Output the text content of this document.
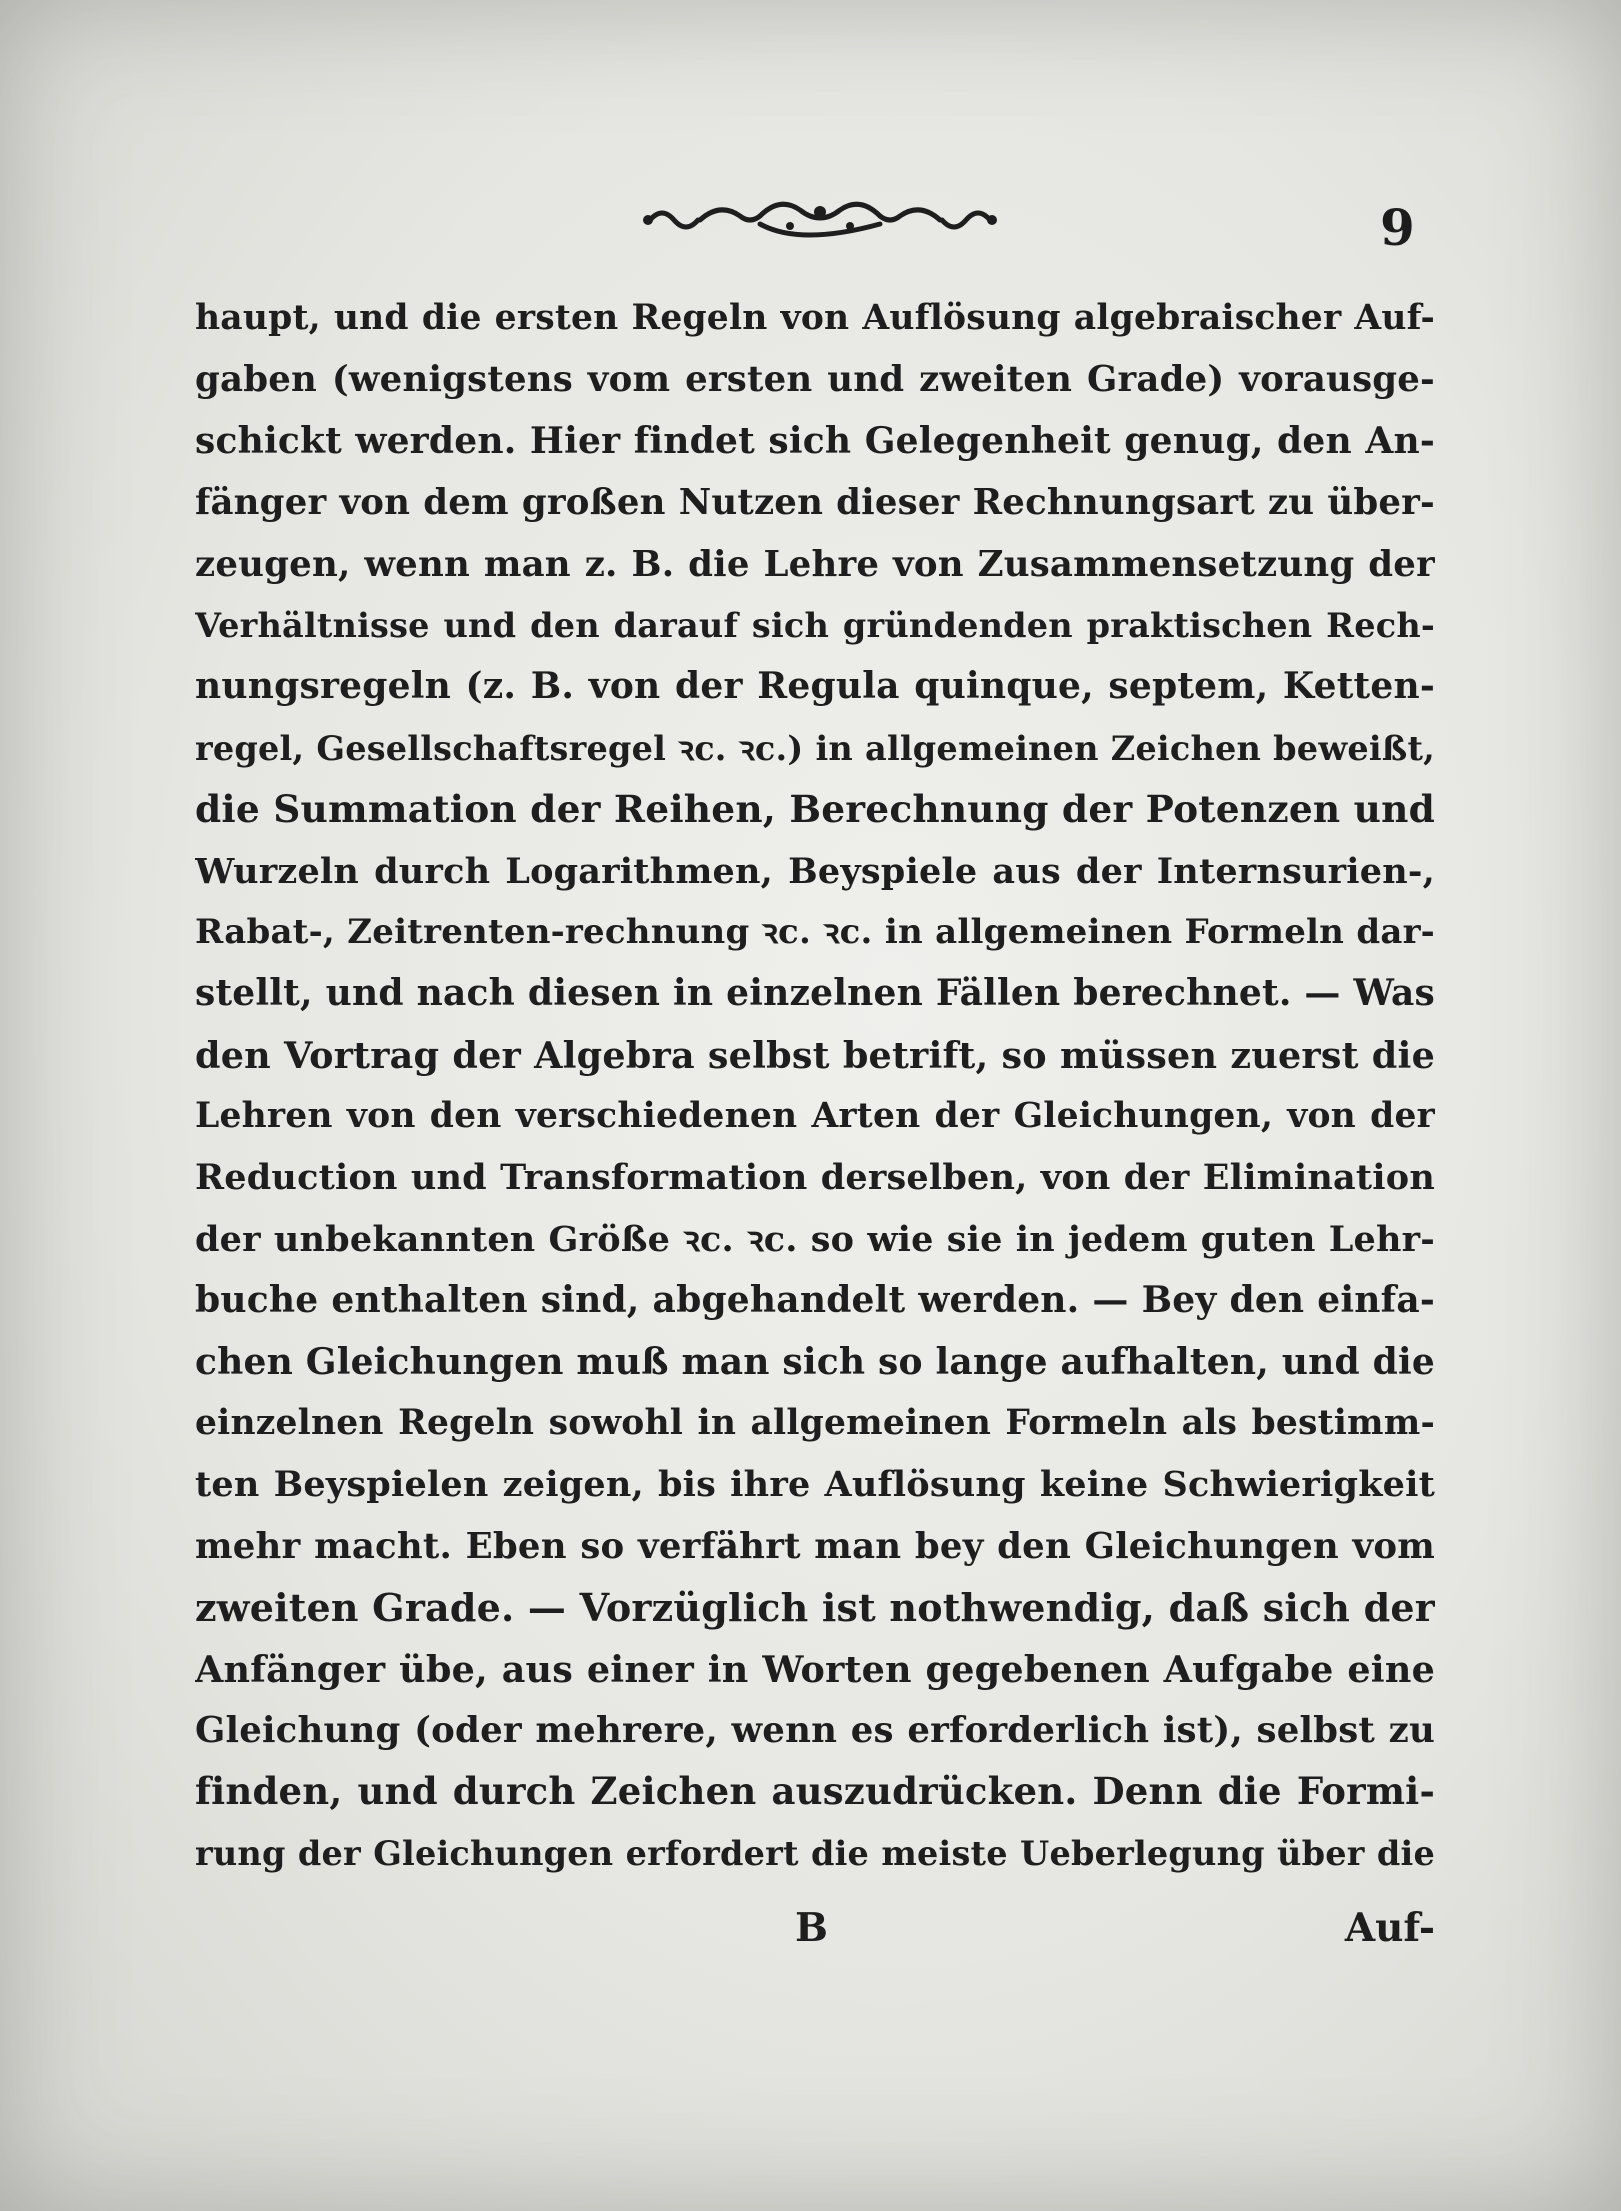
9
haupt, und die ersten Regeln von Auflösung algebraischer Auf-
gaben (wenigstens vom ersten und zweiten Grade) vorausge-
schickt werden. Hier findet sich Gelegenheit genug, den An-
fänger von dem großen Nutzen dieser Rechnungsart zu über-
zeugen, wenn man z. B. die Lehre von Zusammensetzung der
Verhältnisse und den darauf sich gründenden praktischen Rech-
nungsregeln (z. B. von der Regula quinque, septem, Ketten-
regel, Gesellschaftsregel ꝛc. ꝛc.) in allgemeinen Zeichen beweißt,
die Summation der Reihen, Berechnung der Potenzen und
Wurzeln durch Logarithmen, Beyspiele aus der Internsurien-,
Rabat-, Zeitrenten-rechnung ꝛc. ꝛc. in allgemeinen Formeln dar-
stellt, und nach diesen in einzelnen Fällen berechnet. — Was
den Vortrag der Algebra selbst betrift, so müssen zuerst die
Lehren von den verschiedenen Arten der Gleichungen, von der
Reduction und Transformation derselben, von der Elimination
der unbekannten Größe ꝛc. ꝛc. so wie sie in jedem guten Lehr-
buche enthalten sind, abgehandelt werden. — Bey den einfa-
chen Gleichungen muß man sich so lange aufhalten, und die
einzelnen Regeln sowohl in allgemeinen Formeln als bestimm-
ten Beyspielen zeigen, bis ihre Auflösung keine Schwierigkeit
mehr macht. Eben so verfährt man bey den Gleichungen vom
zweiten Grade. — Vorzüglich ist nothwendig, daß sich der
Anfänger übe, aus einer in Worten gegebenen Aufgabe eine
Gleichung (oder mehrere, wenn es erforderlich ist), selbst zu
finden, und durch Zeichen auszudrücken. Denn die Formi-
rung der Gleichungen erfordert die meiste Ueberlegung über die
B	Auf-
